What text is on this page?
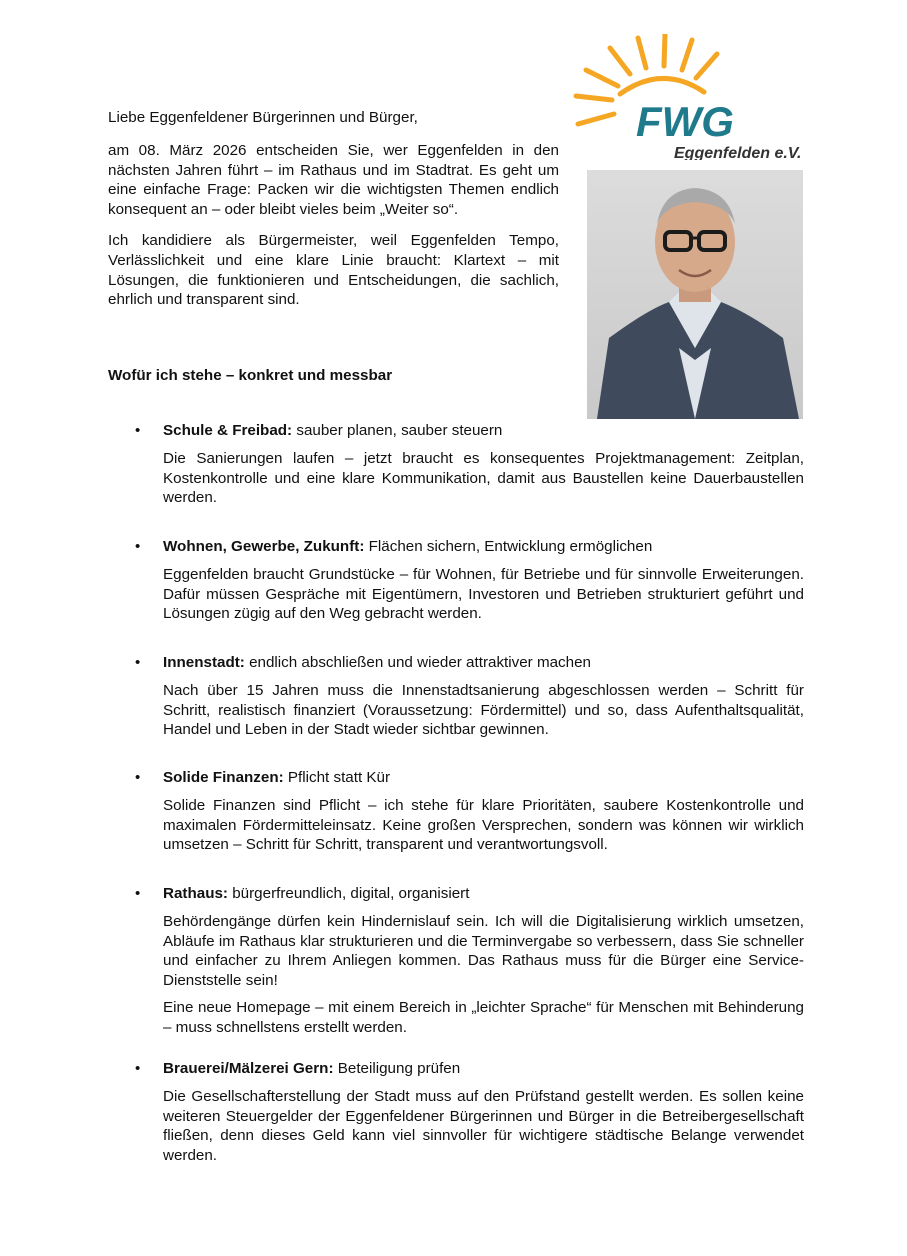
FWG
Eggenfelden e.V.

Liebe Eggenfeldener Bürgerinnen und Bürger,

am 08. März 2026 entscheiden Sie, wer Eggenfelden in den nächsten Jahren führt – im Rathaus und im Stadtrat. Es geht um eine einfache Frage: Packen wir die wichtigsten Themen endlich konsequent an – oder bleibt vieles beim „Weiter so“.

Ich kandidiere als Bürgermeister, weil Eggenfelden Tempo, Verlässlichkeit und eine klare Linie braucht: Klartext – mit Lösungen, die funktionieren und Entscheidungen, die sachlich, ehrlich und transparent sind.

Wofür ich stehe – konkret und messbar
• Schule & Freibad: sauber planen, sauber steuern

Die Sanierungen laufen – jetzt braucht es konsequentes Projektmanagement: Zeitplan, Kostenkontrolle und eine klare Kommunikation, damit aus Baustellen keine Dauerbaustellen werden.

• Wohnen, Gewerbe, Zukunft: Flächen sichern, Entwicklung ermöglichen

Eggenfelden braucht Grundstücke – für Wohnen, für Betriebe und für sinnvolle Erweiterungen. Dafür müssen Gespräche mit Eigentümern, Investoren und Betrieben strukturiert geführt und Lösungen zügig auf den Weg gebracht werden.

• Innenstadt: endlich abschließen und wieder attraktiver machen

Nach über 15 Jahren muss die Innenstadtsanierung abgeschlossen werden – Schritt für Schritt, realistisch finanziert (Voraussetzung: Fördermittel) und so, dass Aufenthaltsqualität, Handel und Leben in der Stadt wieder sichtbar gewinnen.

• Solide Finanzen: Pflicht statt Kür

Solide Finanzen sind Pflicht – ich stehe für klare Prioritäten, saubere Kostenkontrolle und maximalen Fördermitteleinsatz. Keine großen Versprechen, sondern was können wir wirklich umsetzen – Schritt für Schritt, transparent und verantwortungsvoll.

• Rathaus: bürgerfreundlich, digital, organisiert

Behördengänge dürfen kein Hindernislauf sein. Ich will die Digitalisierung wirklich umsetzen, Abläufe im Rathaus klar strukturieren und die Terminvergabe so verbessern, dass Sie schneller und einfacher zu Ihrem Anliegen kommen. Das Rathaus muss für die Bürger eine Service-Dienststelle sein!

Eine neue Homepage – mit einem Bereich in „leichter Sprache“ für Menschen mit Behinderung – muss schnellstens erstellt werden.

• Brauerei/Mälzerei Gern: Beteiligung prüfen

Die Gesellschafterstellung der Stadt muss auf den Prüfstand gestellt werden. Es sollen keine weiteren Steuergelder der Eggenfeldener Bürgerinnen und Bürger in die Betreibergesellschaft fließen, denn dieses Geld kann viel sinnvoller für wichtigere städtische Belange verwendet werden.
